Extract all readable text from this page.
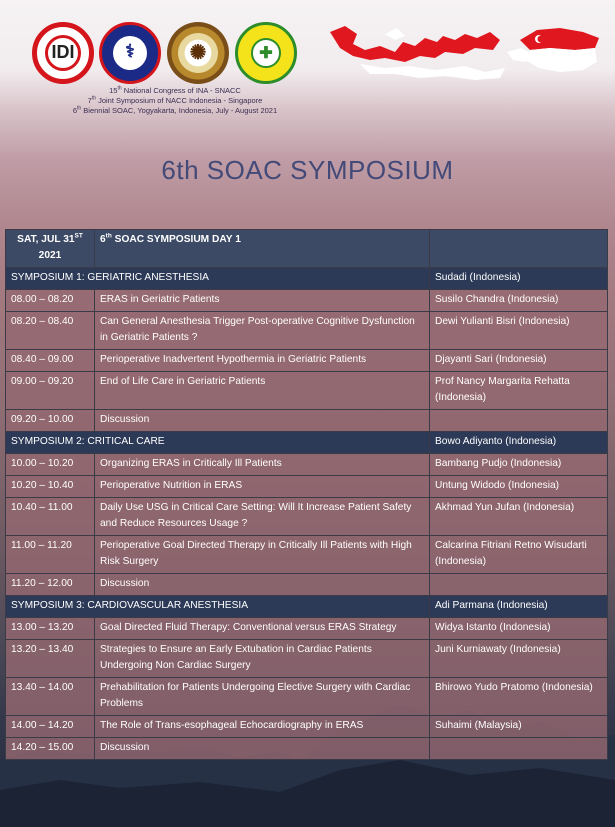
IDI	⚕	✺	✚
15th National Congress of INA - SNACC
7th Joint Symposium of NACC Indonesia - Singapore
6th Biennial SOAC, Yogyakarta, Indonesia, July - August 2021
6th SOAC SYMPOSIUM
SAT, JUL 31ST
2021	6th SOAC SYMPOSIUM DAY 1	
SYMPOSIUM 1: GERIATRIC ANESTHESIA		Sudadi (Indonesia)
08.00 – 08.20	ERAS in Geriatric Patients	Susilo Chandra (Indonesia)
08.20 – 08.40	Can General Anesthesia Trigger Post-operative Cognitive Dysfunction in Geriatric Patients ?	Dewi Yulianti Bisri (Indonesia)
08.40 – 09.00	Perioperative Inadvertent Hypothermia in Geriatric Patients	Djayanti Sari (Indonesia)
09.00 – 09.20	End of Life Care in Geriatric Patients	Prof Nancy Margarita Rehatta (Indonesia)
09.20 – 10.00	Discussion	
SYMPOSIUM 2: CRITICAL CARE		Bowo Adiyanto (Indonesia)
10.00 – 10.20	Organizing ERAS in Critically Ill Patients	Bambang Pudjo (Indonesia)
10.20 – 10.40	Perioperative Nutrition in ERAS	Untung Widodo (Indonesia)
10.40 – 11.00	Daily Use USG in Critical Care Setting: Will It Increase Patient Safety and Reduce Resources Usage ?	Akhmad Yun Jufan (Indonesia)
11.00 – 11.20	Perioperative Goal Directed Therapy in Critically Ill Patients with High Risk Surgery	Calcarina Fitriani Retno Wisudarti (Indonesia)
11.20 – 12.00	Discussion	
SYMPOSIUM 3: CARDIOVASCULAR ANESTHESIA		Adi Parmana (Indonesia)
13.00 – 13.20	Goal Directed Fluid Therapy: Conventional versus ERAS Strategy	Widya Istanto (Indonesia)
13.20 – 13.40	Strategies to Ensure an Early Extubation in Cardiac Patients Undergoing Non Cardiac Surgery	Juni Kurniawaty (Indonesia)
13.40 – 14.00	Prehabilitation for Patients Undergoing Elective Surgery with Cardiac Problems	Bhirowo Yudo Pratomo (Indonesia)
14.00 – 14.20	The Role of Trans-esophageal Echocardiography in ERAS	Suhaimi (Malaysia)
14.20 – 15.00	Discussion	
